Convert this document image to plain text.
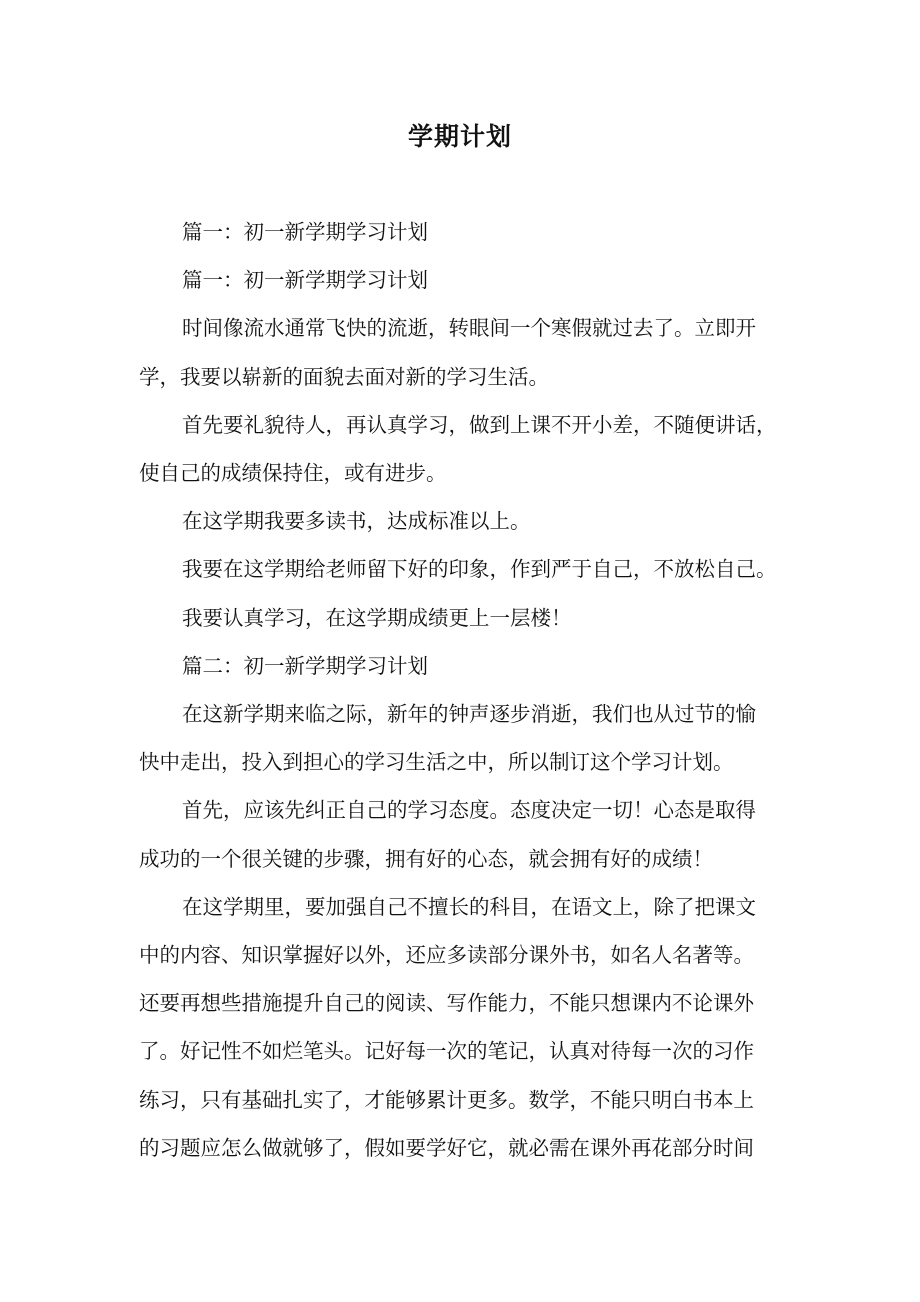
学期计划

篇一：初一新学期学习计划

篇一：初一新学期学习计划

时间像流水通常飞快的流逝，转眼间一个寒假就过去了。立即开
学，我要以崭新的面貌去面对新的学习生活。

首先要礼貌待人，再认真学习，做到上课不开小差，不随便讲话，
使自己的成绩保持住，或有进步。

在这学期我要多读书，达成标准以上。

我要在这学期给老师留下好的印象，作到严于自己，不放松自己。

我要认真学习，在这学期成绩更上一层楼！

篇二：初一新学期学习计划

在这新学期来临之际，新年的钟声逐步消逝，我们也从过节的愉
快中走出，投入到担心的学习生活之中，所以制订这个学习计划。

首先，应该先纠正自己的学习态度。态度决定一切！心态是取得
成功的一个很关键的步骤，拥有好的心态，就会拥有好的成绩！

在这学期里，要加强自己不擅长的科目，在语文上，除了把课文
中的内容、知识掌握好以外，还应多读部分课外书，如名人名著等。
还要再想些措施提升自己的阅读、写作能力，不能只想课内不论课外
了。好记性不如烂笔头。记好每一次的笔记，认真对待每一次的习作
练习，只有基础扎实了，才能够累计更多。数学，不能只明白书本上
的习题应怎么做就够了，假如要学好它，就必需在课外再花部分时间
